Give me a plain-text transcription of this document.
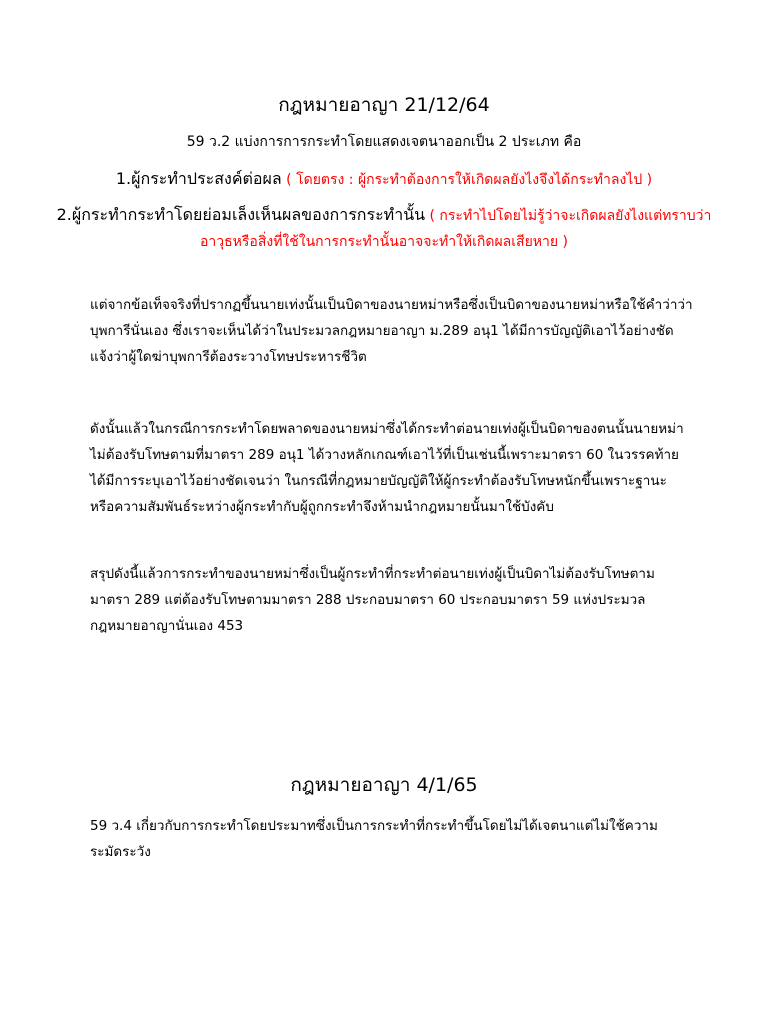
กฎหมายอาญา 21/12/64
59 ว.2 แบ่งการการกระทำโดยแสดงเจตนาออกเป็น 2 ประเภท คือ
1.ผู้กระทำประสงค์ต่อผล ( โดยตรง : ผู้กระทำต้องการให้เกิดผลยังไงจึงได้กระทำลงไป )
2.ผู้กระทำกระทำโดยย่อมเล็งเห็นผลของการกระทำนั้น ( กระทำไปโดยไม่รู้ว่าจะเกิดผลยังไงแต่ทราบว่า
อาวุธหรือสิ่งที่ใช้ในการกระทำนั้นอาจจะทำให้เกิดผลเสียหาย )
แต่จากข้อเท็จจริงที่ปรากฏขึ้นนายเท่งนั้นเป็นบิดาของนายหม่าหรือซึ่งเป็นบิดาของนายหม่าหรือใช้คำว่าว่า
บุพการีนั่นเอง ซึ่งเราจะเห็นได้ว่าในประมวลกฎหมายอาญา ม.289 อนุ1 ได้มีการบัญญัติเอาไว้อย่างชัด
แจ้งว่าผู้ใดฆ่าบุพการีต้องระวางโทษประหารชีวิต
ดังนั้นแล้วในกรณีการกระทำโดยพลาดของนายหม่าซึ่งได้กระทำต่อนายเท่งผู้เป็นบิดาของตนนั้นนายหม่า
ไม่ต้องรับโทษตามที่มาตรา 289 อนุ1 ได้วางหลักเกณฑ์เอาไว้ที่เป็นเช่นนี้เพราะมาตรา 60 ในวรรคท้าย
ได้มีการระบุเอาไว้อย่างชัดเจนว่า ในกรณีที่กฎหมายบัญญัติให้ผู้กระทำต้องรับโทษหนักขึ้นเพราะฐานะ
หรือความสัมพันธ์ระหว่างผู้กระทำกับผู้ถูกกระทำจึงห้ามนำกฎหมายนั้นมาใช้บังคับ
สรุปดังนี้แล้วการกระทำของนายหม่าซึ่งเป็นผู้กระทำที่กระทำต่อนายเท่งผู้เป็นบิดาไม่ต้องรับโทษตาม
มาตรา 289 แต่ต้องรับโทษตามมาตรา 288 ประกอบมาตรา 60 ประกอบมาตรา 59 แห่งประมวล
กฎหมายอาญานั่นเอง 453
กฎหมายอาญา 4/1/65
59 ว.4 เกี่ยวกับการกระทำโดยประมาทซึ่งเป็นการกระทำที่กระทำขึ้นโดยไม่ได้เจตนาแต่ไม่ใช้ความ
ระมัดระวัง
